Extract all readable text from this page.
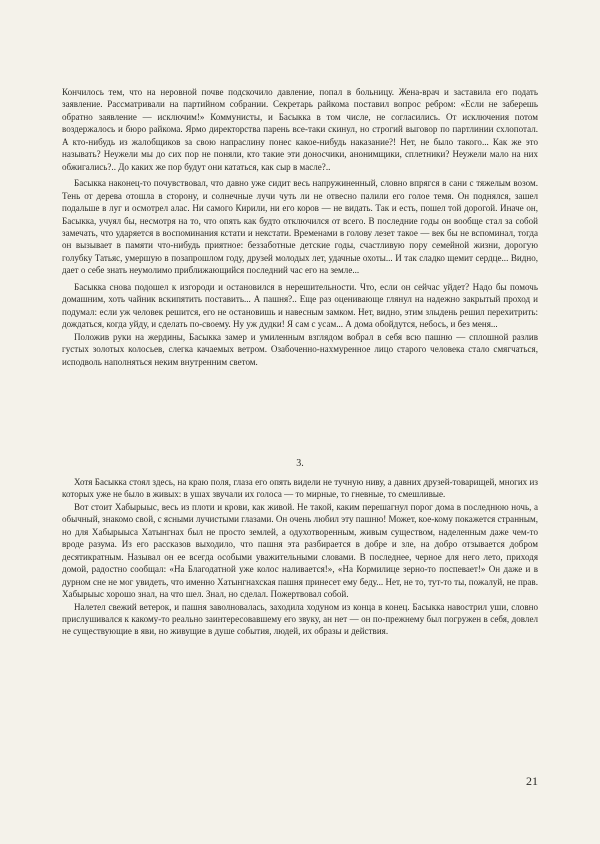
Кончилось тем, что на неровной почве подскочило давление, попал в больницу. Жена-врач и заставила его подать заявление. Рассматривали на партийном собрании. Секретарь райкома поставил вопрос ребром: «Если не заберешь обратно заявление — исключим!» Коммунисты, и Басыкка в том числе, не согласились. От исключения потом воздержалось и бюро райкома. Ярмо директорства парень все-таки скинул, но строгий выговор по партлинии схлопотал. А кто-нибудь из жалобщиков за свою напраслину понес какое-нибудь наказание?! Нет, не было такого... Как же это называть? Неужели мы до сих пор не поняли, кто такие эти доносчики, анонимщики, сплетники? Неужели мало на них обжигались?.. До каких же пор будут они кататься, как сыр в масле?..

Басыкка наконец-то почувствовал, что давно уже сидит весь напружиненный, словно впрягся в сани с тяжелым возом. Тень от дерева отошла в сторону, и солнечные лучи чуть ли не отвесно палили его голое темя. Он поднялся, зашел подальше в луг и осмотрел алас. Ни самого Кирили, ни его коров — не видать. Так и есть, пошел той дорогой. Иначе он, Басыкка, учуял бы, несмотря на то, что опять как будто отключился от всего. В последние годы он вообще стал за собой замечать, что ударяется в воспоминания кстати и некстати. Временами в голову лезет такое — век бы не вспоминал, тогда он вызывает в памяти что-нибудь приятное: беззаботные детские годы, счастливую пору семейной жизни, дорогую голубку Татьяс, умершую в позапрошлом году, друзей молодых лет, удачные охоты... И так сладко щемит сердце... Видно, дает о себе знать неумолимо приближающийся последний час его на земле...

Басыкка снова подошел к изгороди и остановился в нерешительности. Что, если он сейчас уйдет? Надо бы помочь домашним, хоть чайник вскипятить поставить... А пашня?.. Еще раз оценивающе глянул на надежно закрытый проход и подумал: если уж человек решится, его не остановишь и навесным замком. Нет, видно, этим злыдень решил перехитрить: дождаться, когда уйду, и сделать по-своему. Ну уж дудки! Я сам с усам... А дома обойдутся, небось, и без меня...

Положив руки на жердины, Басыкка замер и умиленным взглядом вобрал в себя всю пашню — сплошной разлив густых золотых колосьев, слегка качаемых ветром. Озабоченно-нахмуренное лицо старого человека стало смягчаться, исподволь наполняться неким внутренним светом.

3.

Хотя Басыкка стоял здесь, на краю поля, глаза его опять видели не тучную ниву, а давних друзей-товарищей, многих из которых уже не было в живых: в ушах звучали их голоса — то мирные, то гневные, то смешливые.

Вот стоит Хабырыыс, весь из плоти и крови, как живой. Не такой, каким перешагнул порог дома в последнюю ночь, а обычный, знакомо свой, с ясными лучистыми глазами. Он очень любил эту пашню! Может, кое-кому покажется странным, но для Хабырыыса Хатынгнах был не просто землей, а одухотворенным, живым существом, наделенным даже чем-то вроде разума. Из его рассказов выходило, что пашня эта разбирается в добре и зле, на добро отзывается добром десятикратным. Называл он ее всегда особыми уважительными словами. В последнее, черное для него лето, приходя домой, радостно сообщал: «На Благодатной уже колос наливается!», «На Кормилице зерно-то поспевает!» Он даже и в дурном сне не мог увидеть, что именно Хатынгнахская пашня принесет ему беду... Нет, не то, тут-то ты, пожалуй, не прав. Хабырыыс хорошо знал, на что шел. Знал, но сделал. Пожертвовал собой.

Налетел свежий ветерок, и пашня заволновалась, заходила ходуном из конца в конец. Басыкка навострил уши, словно прислушивался к какому-то реально заинтересовавшему его звуку, ан нет — он по-прежнему был погружен в себя, довлел не существующие в яви, но живущие в душе события, людей, их образы и действия.

21
